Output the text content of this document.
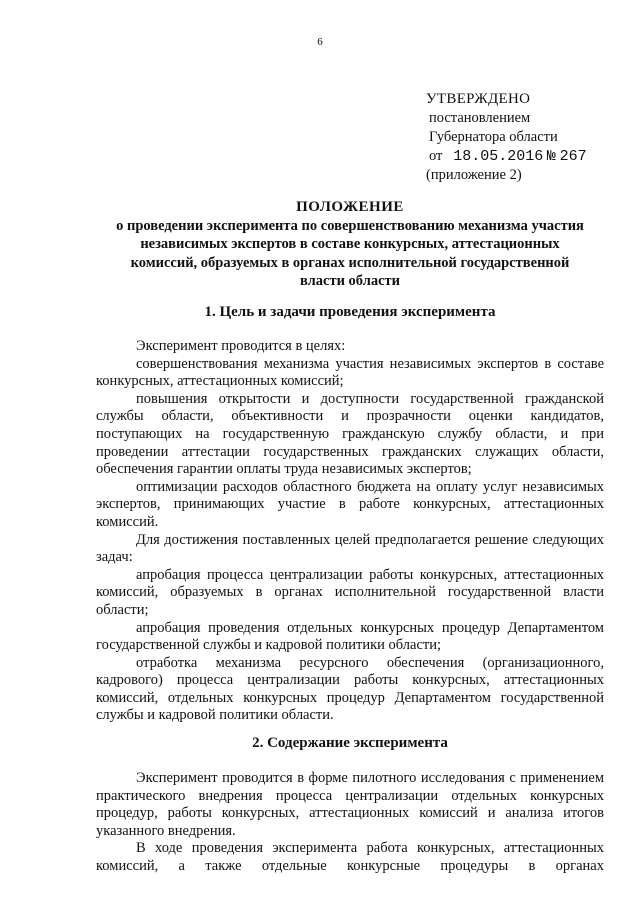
6
УТВЕРЖДЕНО
постановлением
Губернатора области
от 18.05.2016 № 267
(приложение 2)
ПОЛОЖЕНИЕ
о проведении эксперимента по совершенствованию механизма участия
независимых экспертов в составе конкурсных, аттестационных
комиссий, образуемых в органах исполнительной государственной
власти области
1. Цель и задачи проведения эксперимента

Эксперимент проводится в целях:

совершенствования механизма участия независимых экспертов в составе конкурсных, аттестационных комиссий;

повышения открытости и доступности государственной гражданской службы области, объективности и прозрачности оценки кандидатов, поступающих на государственную гражданскую службу области, и при проведении аттестации государственных гражданских служащих области, обеспечения гарантии оплаты труда независимых экспертов;

оптимизации расходов областного бюджета на оплату услуг независимых экспертов, принимающих участие в работе конкурсных, аттестационных комиссий.

Для достижения поставленных целей предполагается решение следующих задач:

апробация процесса централизации работы конкурсных, аттестационных комиссий, образуемых в органах исполнительной государственной власти области;

апробация проведения отдельных конкурсных процедур Департаментом государственной службы и кадровой политики области;

отработка механизма ресурсного обеспечения (организационного, кадрового) процесса централизации работы конкурсных, аттестационных комиссий, отдельных конкурсных процедур Департаментом государственной службы и кадровой политики области.

2. Содержание эксперимента

Эксперимент проводится в форме пилотного исследования с применением практического внедрения процесса централизации отдельных конкурсных процедур, работы конкурсных, аттестационных комиссий и анализа итогов указанного внедрения.

В ходе проведения эксперимента работа конкурсных, аттестационных комиссий, а также отдельные конкурсные процедуры в органах
